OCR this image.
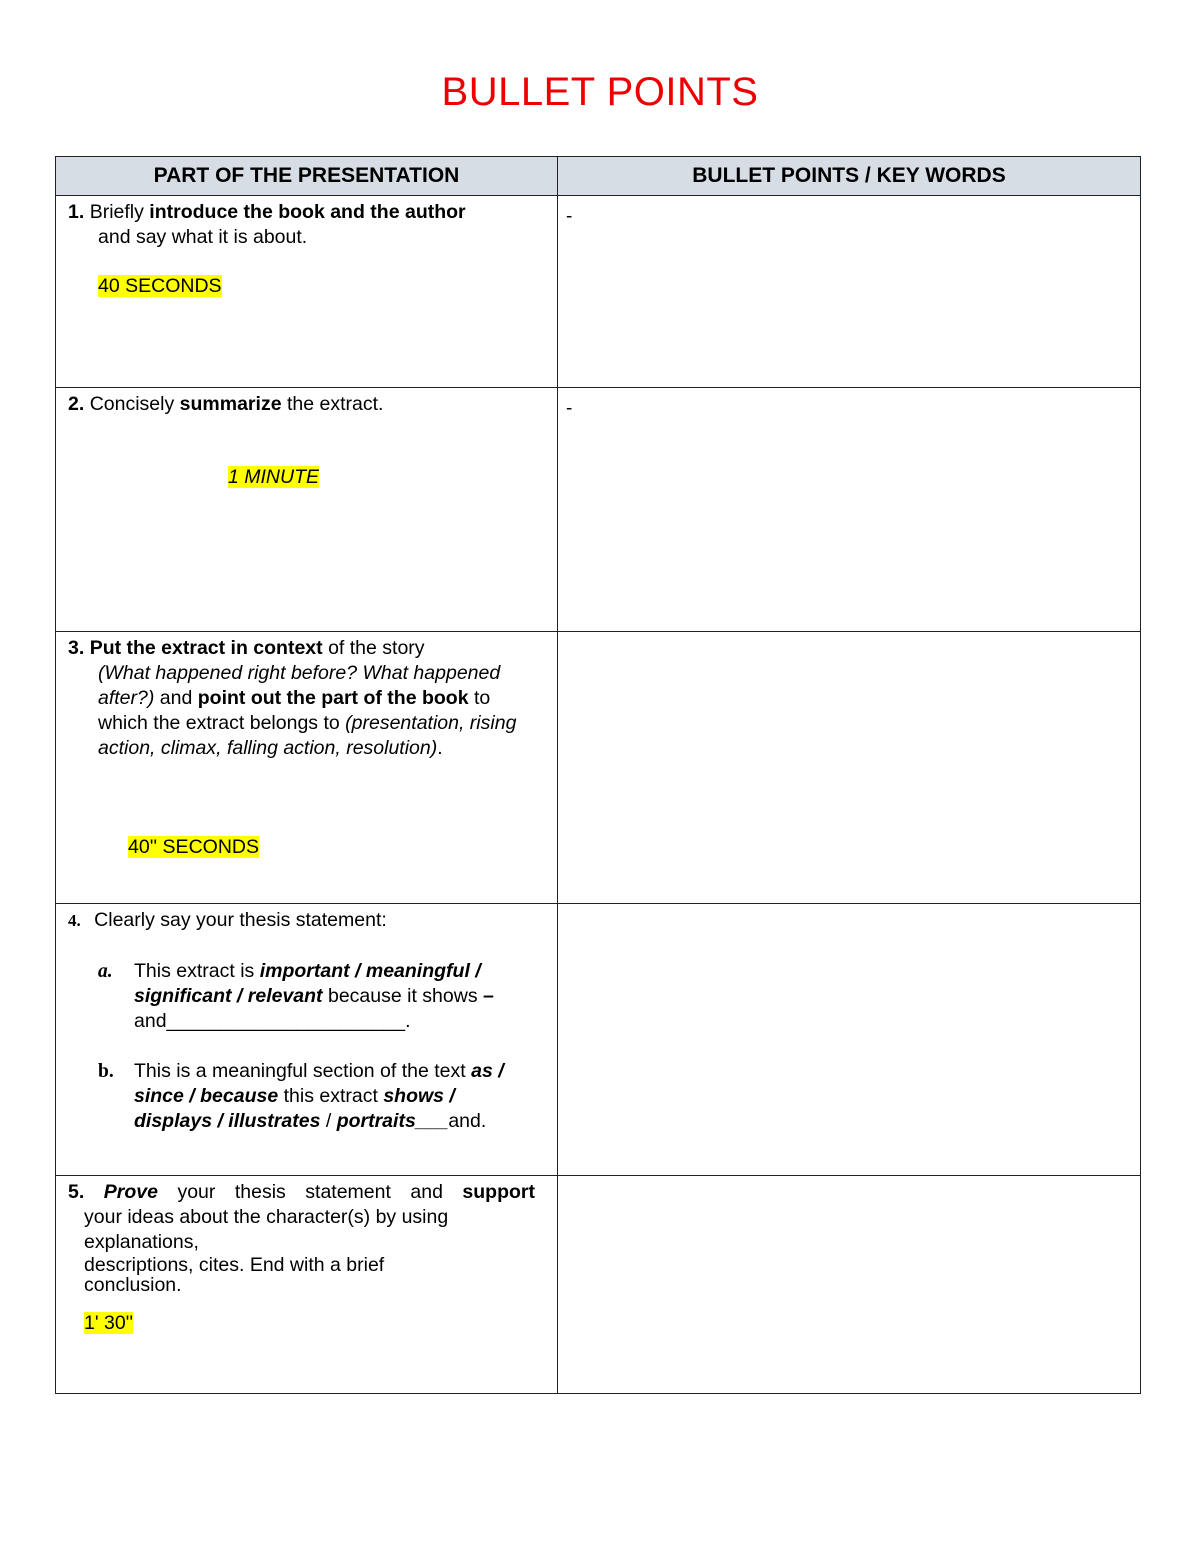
BULLET POINTS
PART OF THE PRESENTATION	BULLET POINTS / KEY WORDS

1. Briefly introduce the book and the author
and say what it is about.
40 SECONDS	-

2. Concisely summarize the extract.
1 MINUTE	-

3. Put the extract in context of the story
(What happened right before? What happened after?) and point out the part of the book to which the extract belongs to (presentation, rising action, climax, falling action, resolution).
40'' SECONDS	

4. Clearly say your thesis statement:
a. This extract is important / meaningful / significant / relevant because it shows – and______________________.
b. This is a meaningful section of the text as / since / because this extract shows / displays / illustrates / portraits___and.	

5. Prove your thesis statement and support
your ideas about the character(s) by using explanations,
descriptions, cites. End with a brief conclusion.
1' 30''	
